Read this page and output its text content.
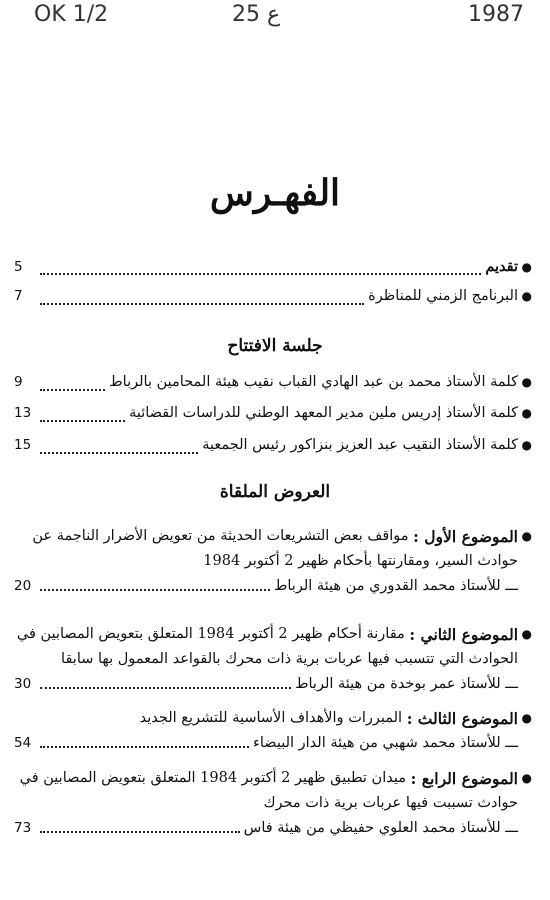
OK 1/2	ع 25	1987
الفهـرس
●
تقديم
5
●
البرنامج الزمني للمناظرة
7
جلسة الافتتاح
●
كلمة الأستاذ محمد بن عبد الهادي القباب نقيب هيئة المحامين بالرباط
9
●
كلمة الأستاذ إدريس ملين مدير المعهد الوطني للدراسات القضائية
13
●
كلمة الأستاذ النقيب عبد العزيز بنزاكور رئيس الجمعية
15
العروض الملقاة
●
الموضوع الأول :

مواقف بعض التشريعات الحديثة من تعويض الأضرار الناجمة عن
حوادث السير، ومقارنتها بأحكام ظهير 2 أكتوبر 1984
ـــ للأستاذ محمد القدوري من هيئة الرباط
20
●
الموضوع الثاني :

مقارنة أحكام ظهير 2 أكتوبر 1984 المتعلق بتعويض المصابين في
الحوادث التي تتسبب فيها عربات برية ذات محرك بالقواعد المعمول بها سابقا
ـــ للأستاذ عمر بوخدة من هيئة الرباط
30
●
الموضوع الثالث :

المبررات والأهداف الأساسية للتشريع الجديد
ـــ للأستاذ محمد شهبي من هيئة الدار البيضاء
54
●
الموضوع الرابع :

ميدان تطبيق ظهير 2 أكتوبر 1984 المتعلق بتعويض المصابين في
حوادث تسببت فيها عربات برية ذات محرك
ـــ للأستاذ محمد العلوي حفيظي من هيئة فاس
73
